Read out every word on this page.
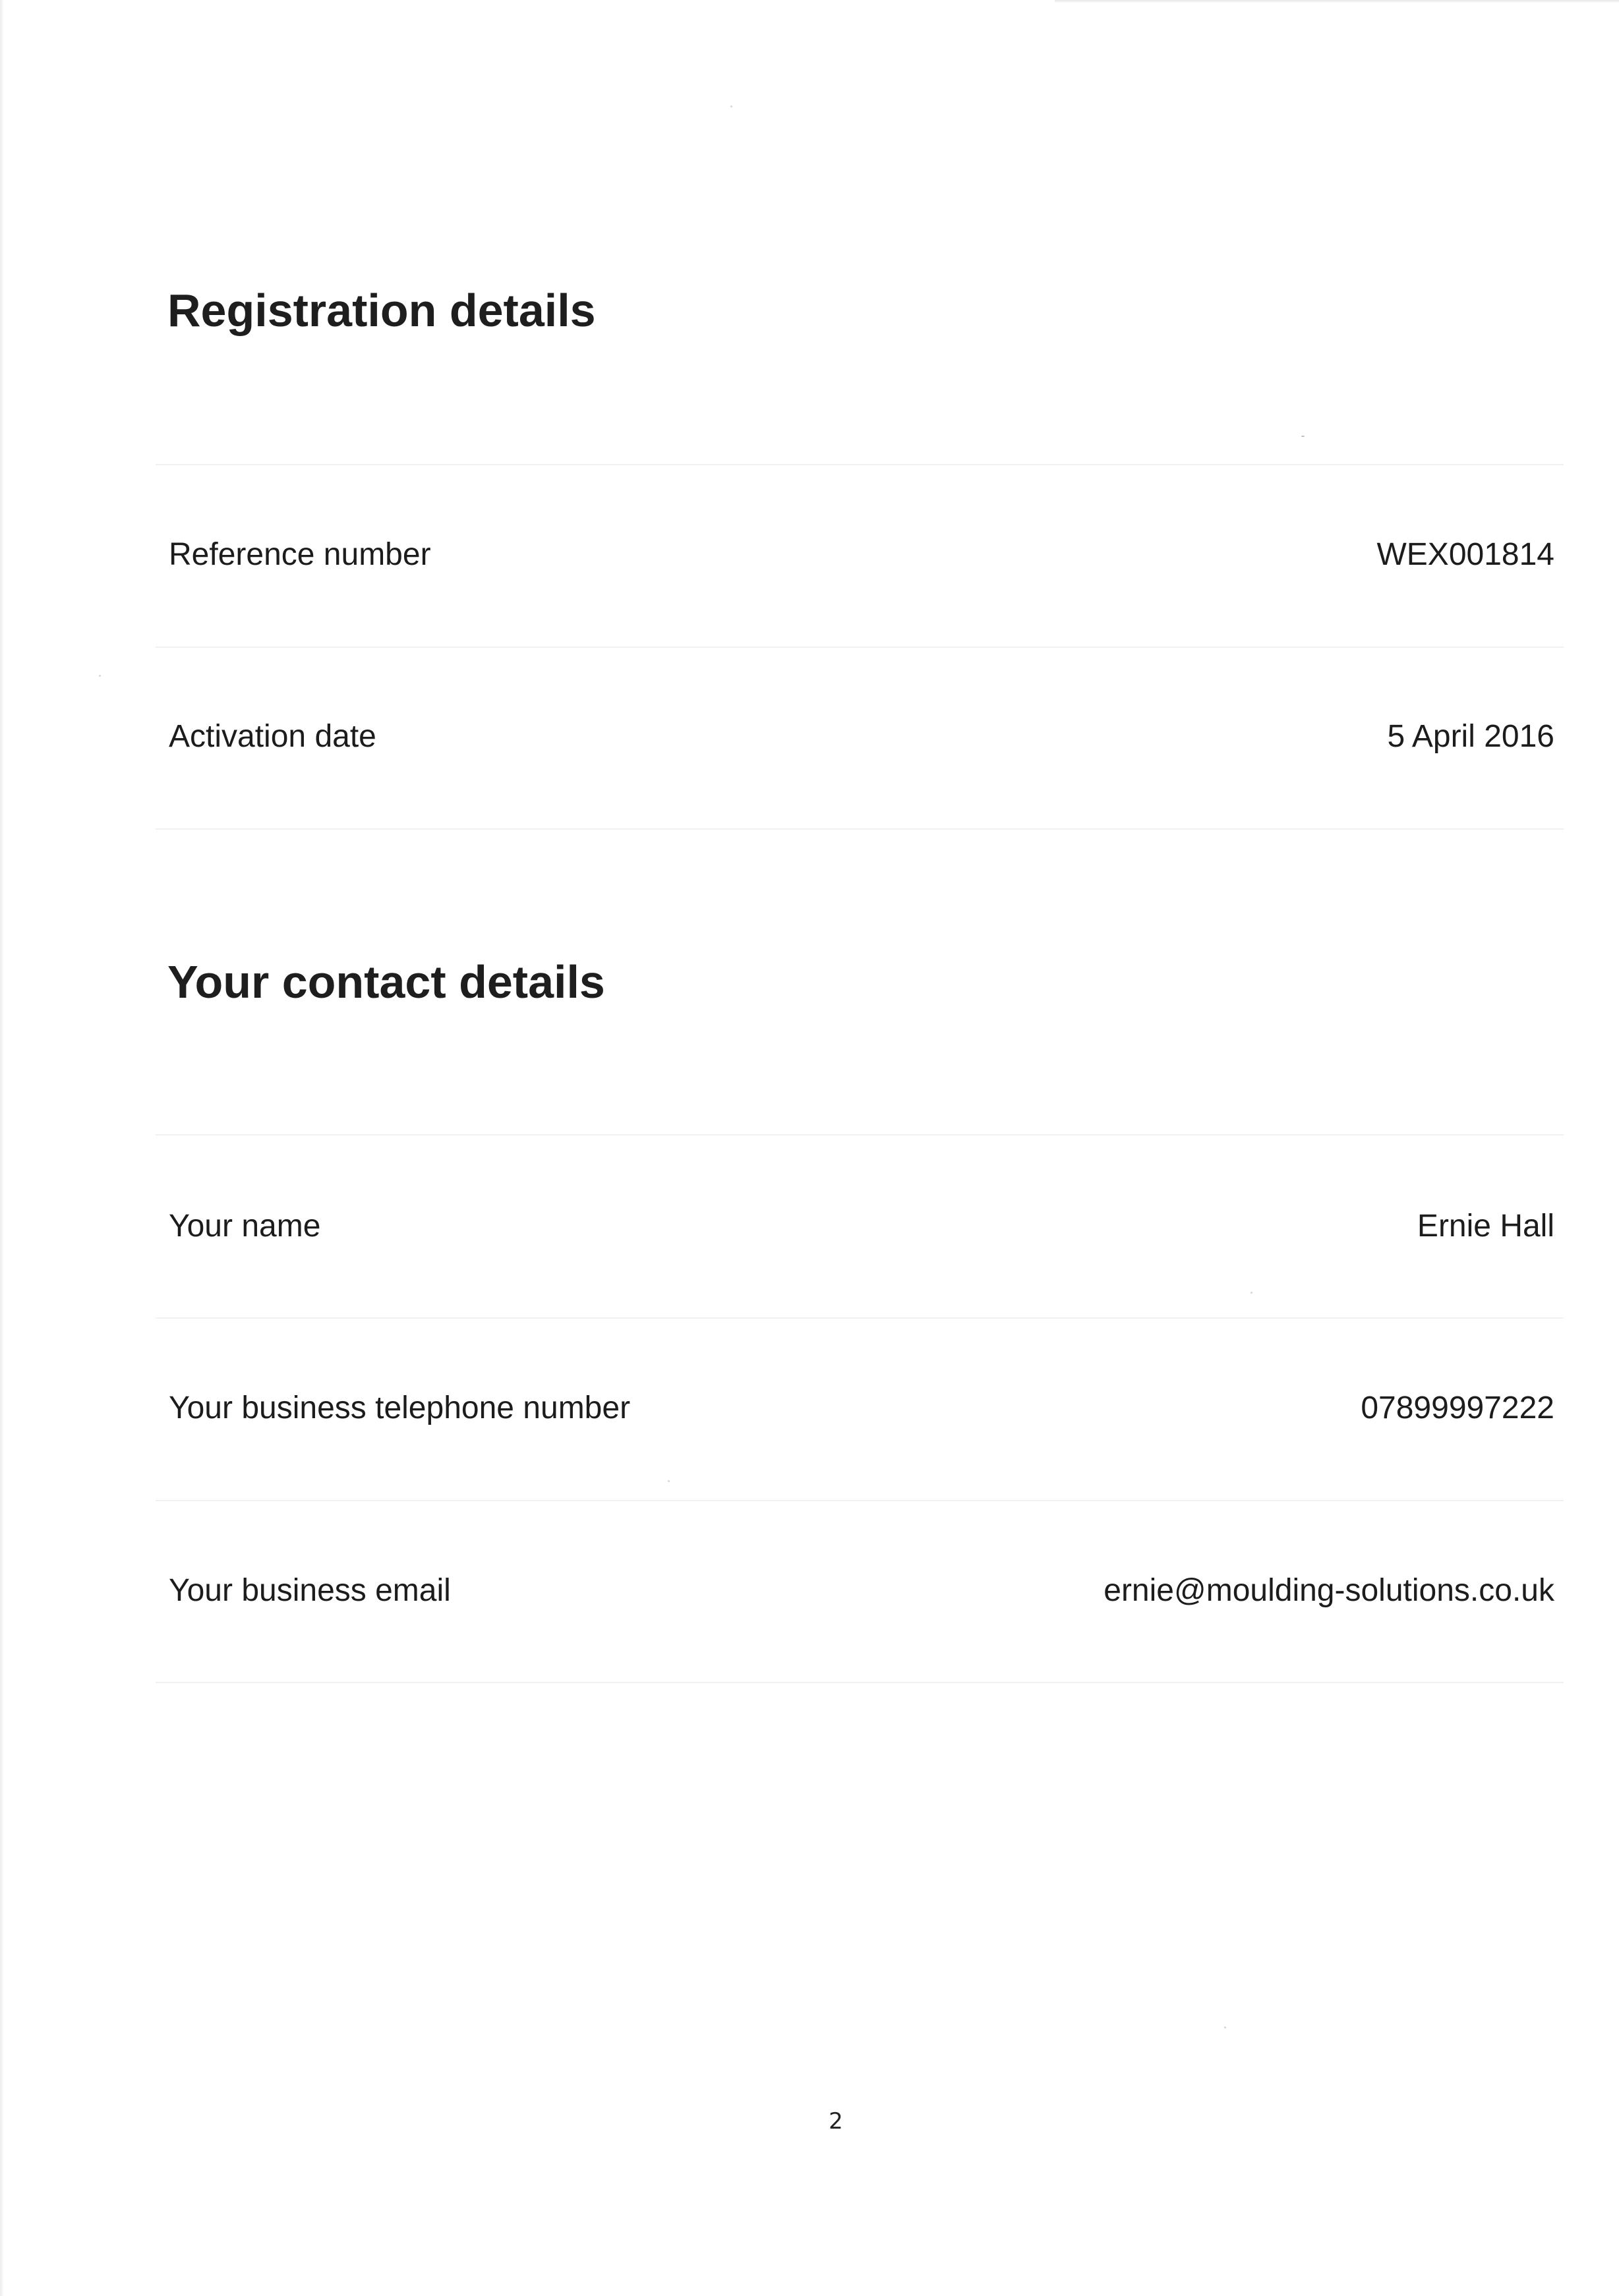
Registration details
Reference number	WEX001814
Activation date	5 April 2016
Your contact details
Your name	Ernie Hall
Your business telephone number	07899997222
Your business email	ernie@moulding-solutions.co.uk
2
